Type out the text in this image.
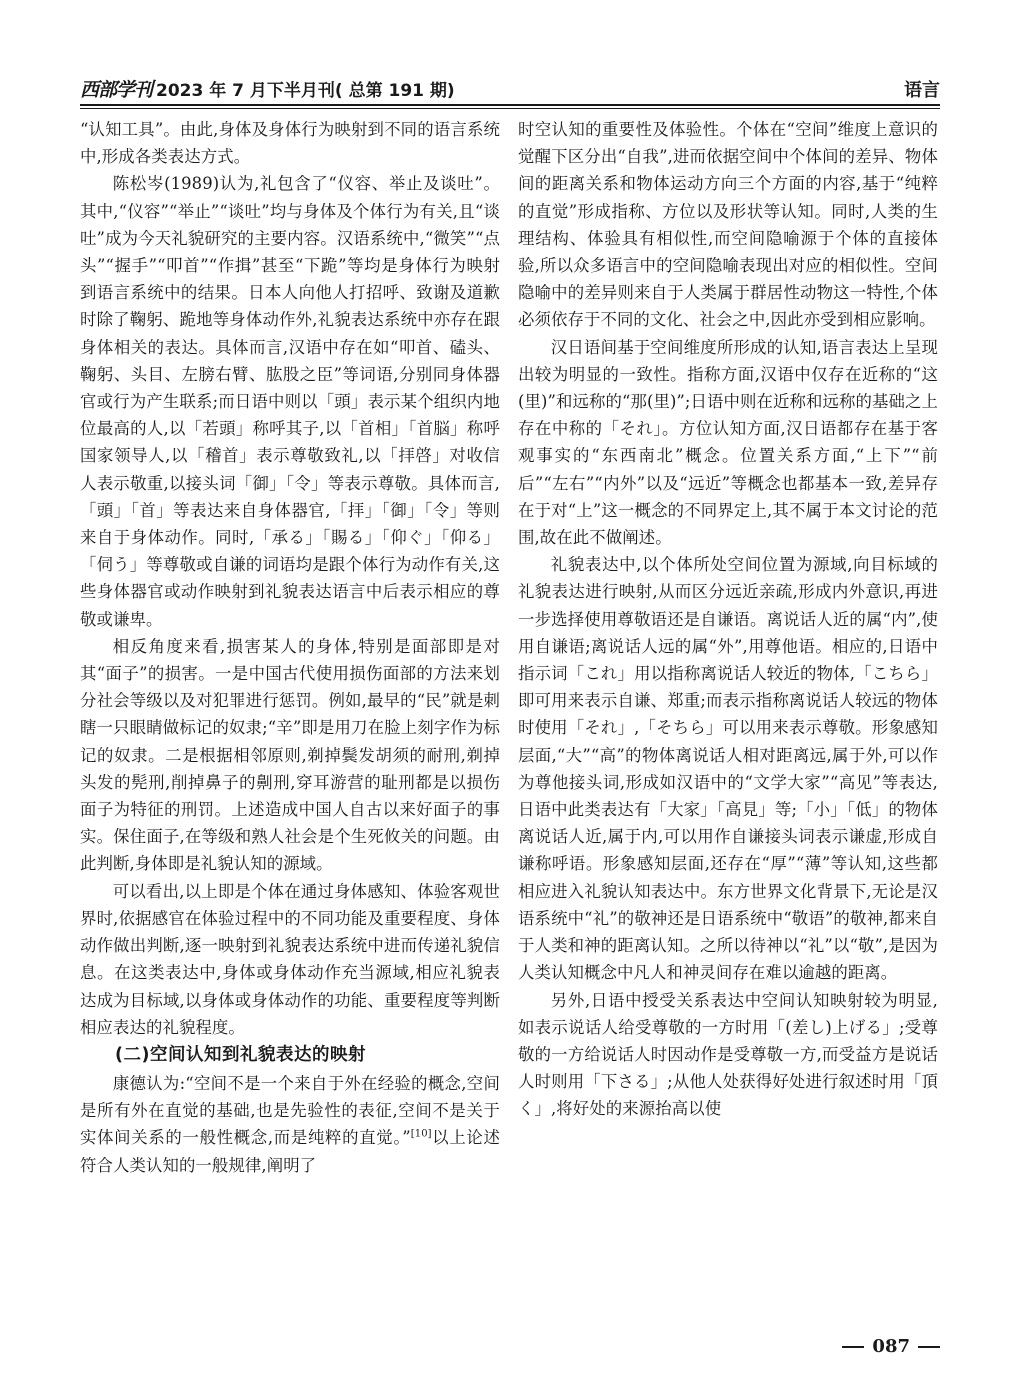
西部学刊 2023 年 7 月下半月刊( 总第 191 期)	语言

“认知工具”。由此,身体及身体行为映射到不同的语言系统中,形成各类表达方式。

陈松岑(1989)认为,礼包含了“仪容、举止及谈吐”。其中,“仪容”“举止”“谈吐”均与身体及个体行为有关,且“谈吐”成为今天礼貌研究的主要内容。汉语系统中,“微笑”“点头”“握手”“叩首”“作揖”甚至“下跪”等均是身体行为映射到语言系统中的结果。日本人向他人打招呼、致谢及道歉时除了鞠躬、跪地等身体动作外,礼貌表达系统中亦存在跟身体相关的表达。具体而言,汉语中存在如“叩首、磕头、鞠躬、头目、左膀右臂、肱股之臣”等词语,分别同身体器官或行为产生联系;而日语中则以「頭」表示某个组织内地位最高的人,以「若頭」称呼其子,以「首相」「首脳」称呼国家领导人,以「稽首」表示尊敬致礼,以「拝啓」对收信人表示敬重,以接头词「御」「令」等表示尊敬。具体而言,「頭」「首」等表达来自身体器官,「拝」「御」「令」等则来自于身体动作。同时,「承る」「賜る」「仰ぐ」「仰る」「伺う」等尊敬或自谦的词语均是跟个体行为动作有关,这些身体器官或动作映射到礼貌表达语言中后表示相应的尊敬或谦卑。

相反角度来看,损害某人的身体,特别是面部即是对其“面子”的损害。一是中国古代使用损伤面部的方法来划分社会等级以及对犯罪进行惩罚。例如,最早的“民”就是刺瞎一只眼睛做标记的奴隶;“辛”即是用刀在脸上刻字作为标记的奴隶。二是根据相邻原则,剃掉鬓发胡须的耐刑,剃掉头发的髡刑,削掉鼻子的劓刑,穿耳游营的耻刑都是以损伤面子为特征的刑罚。上述造成中国人自古以来好面子的事实。保住面子,在等级和熟人社会是个生死攸关的问题。由此判断,身体即是礼貌认知的源域。

可以看出,以上即是个体在通过身体感知、体验客观世界时,依据感官在体验过程中的不同功能及重要程度、身体动作做出判断,逐一映射到礼貌表达系统中进而传递礼貌信息。在这类表达中,身体或身体动作充当源域,相应礼貌表达成为目标域,以身体或身体动作的功能、重要程度等判断相应表达的礼貌程度。

(二)空间认知到礼貌表达的映射

康德认为:“空间不是一个来自于外在经验的概念,空间是所有外在直觉的基础,也是先验性的表征,空间不是关于实体间关系的一般性概念,而是纯粹的直觉。”[10]以上论述符合人类认知的一般规律,阐明了

时空认知的重要性及体验性。个体在“空间”维度上意识的觉醒下区分出“自我”,进而依据空间中个体间的差异、物体间的距离关系和物体运动方向三个方面的内容,基于“纯粹的直觉”形成指称、方位以及形状等认知。同时,人类的生理结构、体验具有相似性,而空间隐喻源于个体的直接体验,所以众多语言中的空间隐喻表现出对应的相似性。空间隐喻中的差异则来自于人类属于群居性动物这一特性,个体必须依存于不同的文化、社会之中,因此亦受到相应影响。

汉日语间基于空间维度所形成的认知,语言表达上呈现出较为明显的一致性。指称方面,汉语中仅存在近称的“这(里)”和远称的“那(里)”;日语中则在近称和远称的基础之上存在中称的「それ」。方位认知方面,汉日语都存在基于客观事实的“东西南北”概念。位置关系方面,“上下”“前后”“左右”“内外”以及“远近”等概念也都基本一致,差异存在于对“上”这一概念的不同界定上,其不属于本文讨论的范围,故在此不做阐述。

礼貌表达中,以个体所处空间位置为源域,向目标域的礼貌表达进行映射,从而区分远近亲疏,形成内外意识,再进一步选择使用尊敬语还是自谦语。离说话人近的属“内”,使用自谦语;离说话人远的属“外”,用尊他语。相应的,日语中指示词「これ」用以指称离说话人较近的物体,「こちら」即可用来表示自谦、郑重;而表示指称离说话人较远的物体时使用「それ」,「そちら」可以用来表示尊敬。形象感知层面,“大”“高”的物体离说话人相对距离远,属于外,可以作为尊他接头词,形成如汉语中的“文学大家”“高见”等表达,日语中此类表达有「大家」「高見」等;「小」「低」的物体离说话人近,属于内,可以用作自谦接头词表示谦虚,形成自谦称呼语。形象感知层面,还存在“厚”“薄”等认知,这些都相应进入礼貌认知表达中。东方世界文化背景下,无论是汉语系统中“礼”的敬神还是日语系统中“敬语”的敬神,都来自于人类和神的距离认知。之所以待神以“礼”以“敬”,是因为人类认知概念中凡人和神灵间存在难以逾越的距离。

另外,日语中授受关系表达中空间认知映射较为明显,如表示说话人给受尊敬的一方时用「(差し)上げる」;受尊敬的一方给说话人时因动作是受尊敬一方,而受益方是说话人时则用「下さる」;从他人处获得好处进行叙述时用「頂く」,将好处的来源抬高以使

087
